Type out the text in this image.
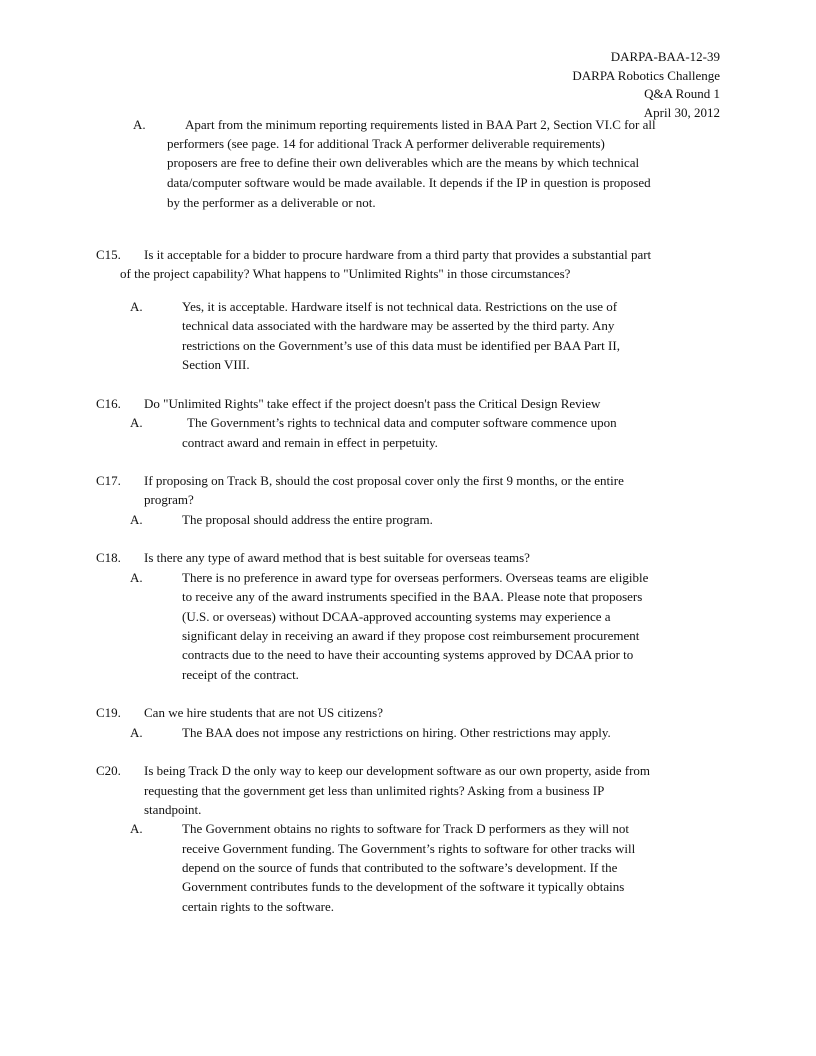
DARPA-BAA-12-39
DARPA Robotics Challenge
Q&A Round 1
April 30, 2012
A.	Apart from the minimum reporting requirements listed in BAA Part 2, Section VI.C for all
performers (see page. 14 for additional Track A performer deliverable requirements)
proposers are free to define their own deliverables which are the means by which technical
data/computer software would be made available. It depends if the IP in question is proposed
by the performer as a deliverable or not.
C15. Is it acceptable for a bidder to procure hardware from a third party that provides a substantial part
of the project capability? What happens to "Unlimited Rights" in those circumstances?
A.	Yes, it is acceptable. Hardware itself is not technical data. Restrictions on the use of
technical data associated with the hardware may be asserted by the third party. Any
restrictions on the Government’s use of this data must be identified per BAA Part II,
Section VIII.
C16. Do "Unlimited Rights" take effect if the project doesn't pass the Critical Design Review
A.	The Government’s rights to technical data and computer software commence upon
contract award and remain in effect in perpetuity.
C17. If proposing on Track B, should the cost proposal cover only the first 9 months, or the entire
program?
A.	The proposal should address the entire program.
C18. Is there any type of award method that is best suitable for overseas teams?
A.	There is no preference in award type for overseas performers. Overseas teams are eligible
to receive any of the award instruments specified in the BAA. Please note that proposers
(U.S. or overseas) without DCAA-approved accounting systems may experience a
significant delay in receiving an award if they propose cost reimbursement procurement
contracts due to the need to have their accounting systems approved by DCAA prior to
receipt of the contract.
C19. Can we hire students that are not US citizens?
A.	The BAA does not impose any restrictions on hiring. Other restrictions may apply.
C20. Is being Track D the only way to keep our development software as our own property, aside from
requesting that the government get less than unlimited rights? Asking from a business IP
standpoint.
A.	The Government obtains no rights to software for Track D performers as they will not
receive Government funding. The Government’s rights to software for other tracks will
depend on the source of funds that contributed to the software’s development. If the
Government contributes funds to the development of the software it typically obtains
certain rights to the software.
